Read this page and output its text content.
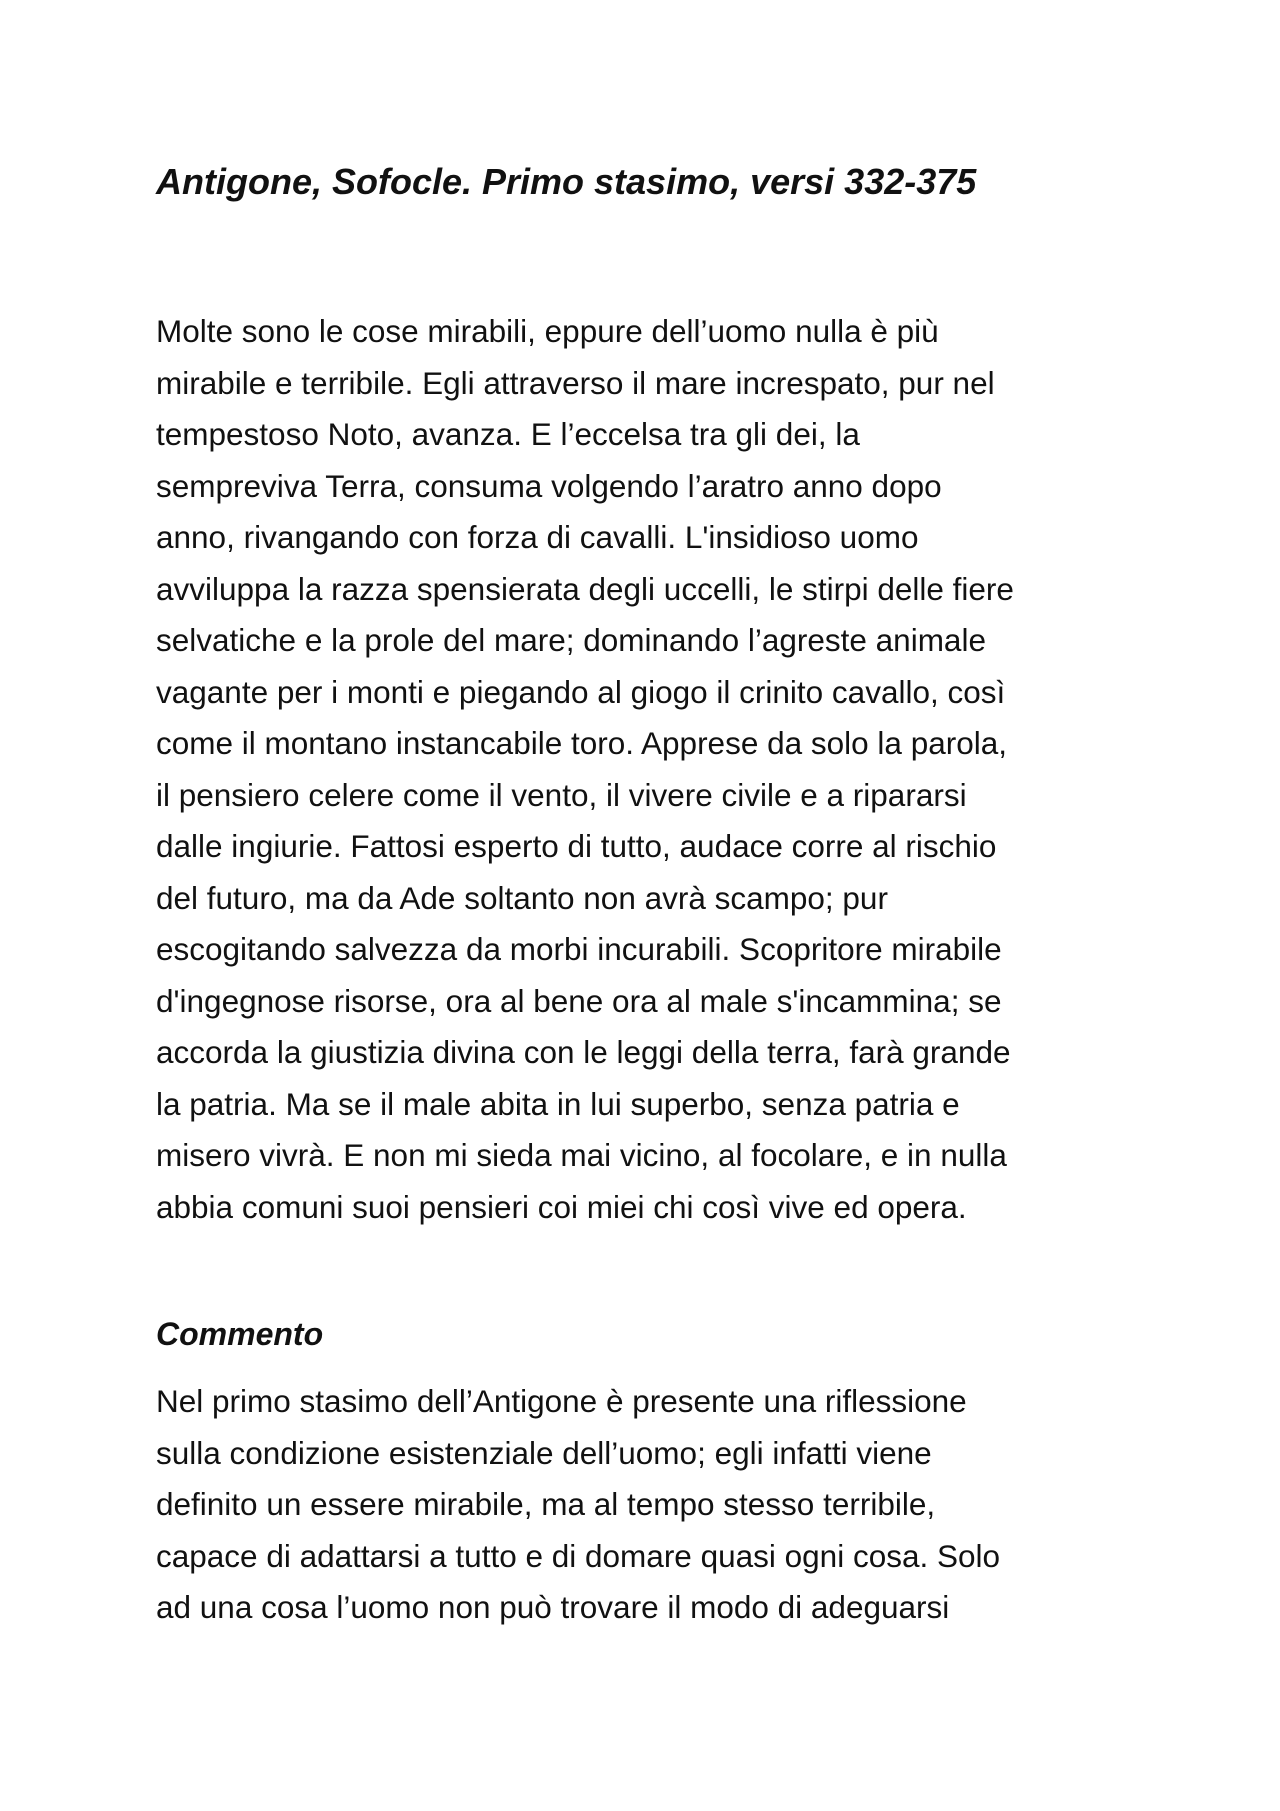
Antigone, Sofocle. Primo stasimo, versi 332-375
Molte sono le cose mirabili, eppure dell’uomo nulla è più
mirabile e terribile. Egli attraverso il mare increspato, pur nel
tempestoso Noto, avanza. E l’eccelsa tra gli dei, la
sempreviva Terra, consuma volgendo l’aratro anno dopo
anno, rivangando con forza di cavalli. L'insidioso uomo
avviluppa la razza spensierata degli uccelli, le stirpi delle fiere
selvatiche e la prole del mare; dominando l’agreste animale
vagante per i monti e piegando al giogo il crinito cavallo, così
come il montano instancabile toro. Apprese da solo la parola,
il pensiero celere come il vento, il vivere civile e a ripararsi
dalle ingiurie. Fattosi esperto di tutto, audace corre al rischio
del futuro, ma da Ade soltanto non avrà scampo; pur
escogitando salvezza da morbi incurabili. Scopritore mirabile
d'ingegnose risorse, ora al bene ora al male s'incammina; se
accorda la giustizia divina con le leggi della terra, farà grande
la patria. Ma se il male abita in lui superbo, senza patria e
misero vivrà. E non mi sieda mai vicino, al focolare, e in nulla
abbia comuni suoi pensieri coi miei chi così vive ed opera.
Commento
Nel primo stasimo dell’Antigone è presente una riflessione
sulla condizione esistenziale dell’uomo; egli infatti viene
definito un essere mirabile, ma al tempo stesso terribile,
capace di adattarsi a tutto e di domare quasi ogni cosa. Solo
ad una cosa l’uomo non può trovare il modo di adeguarsi
